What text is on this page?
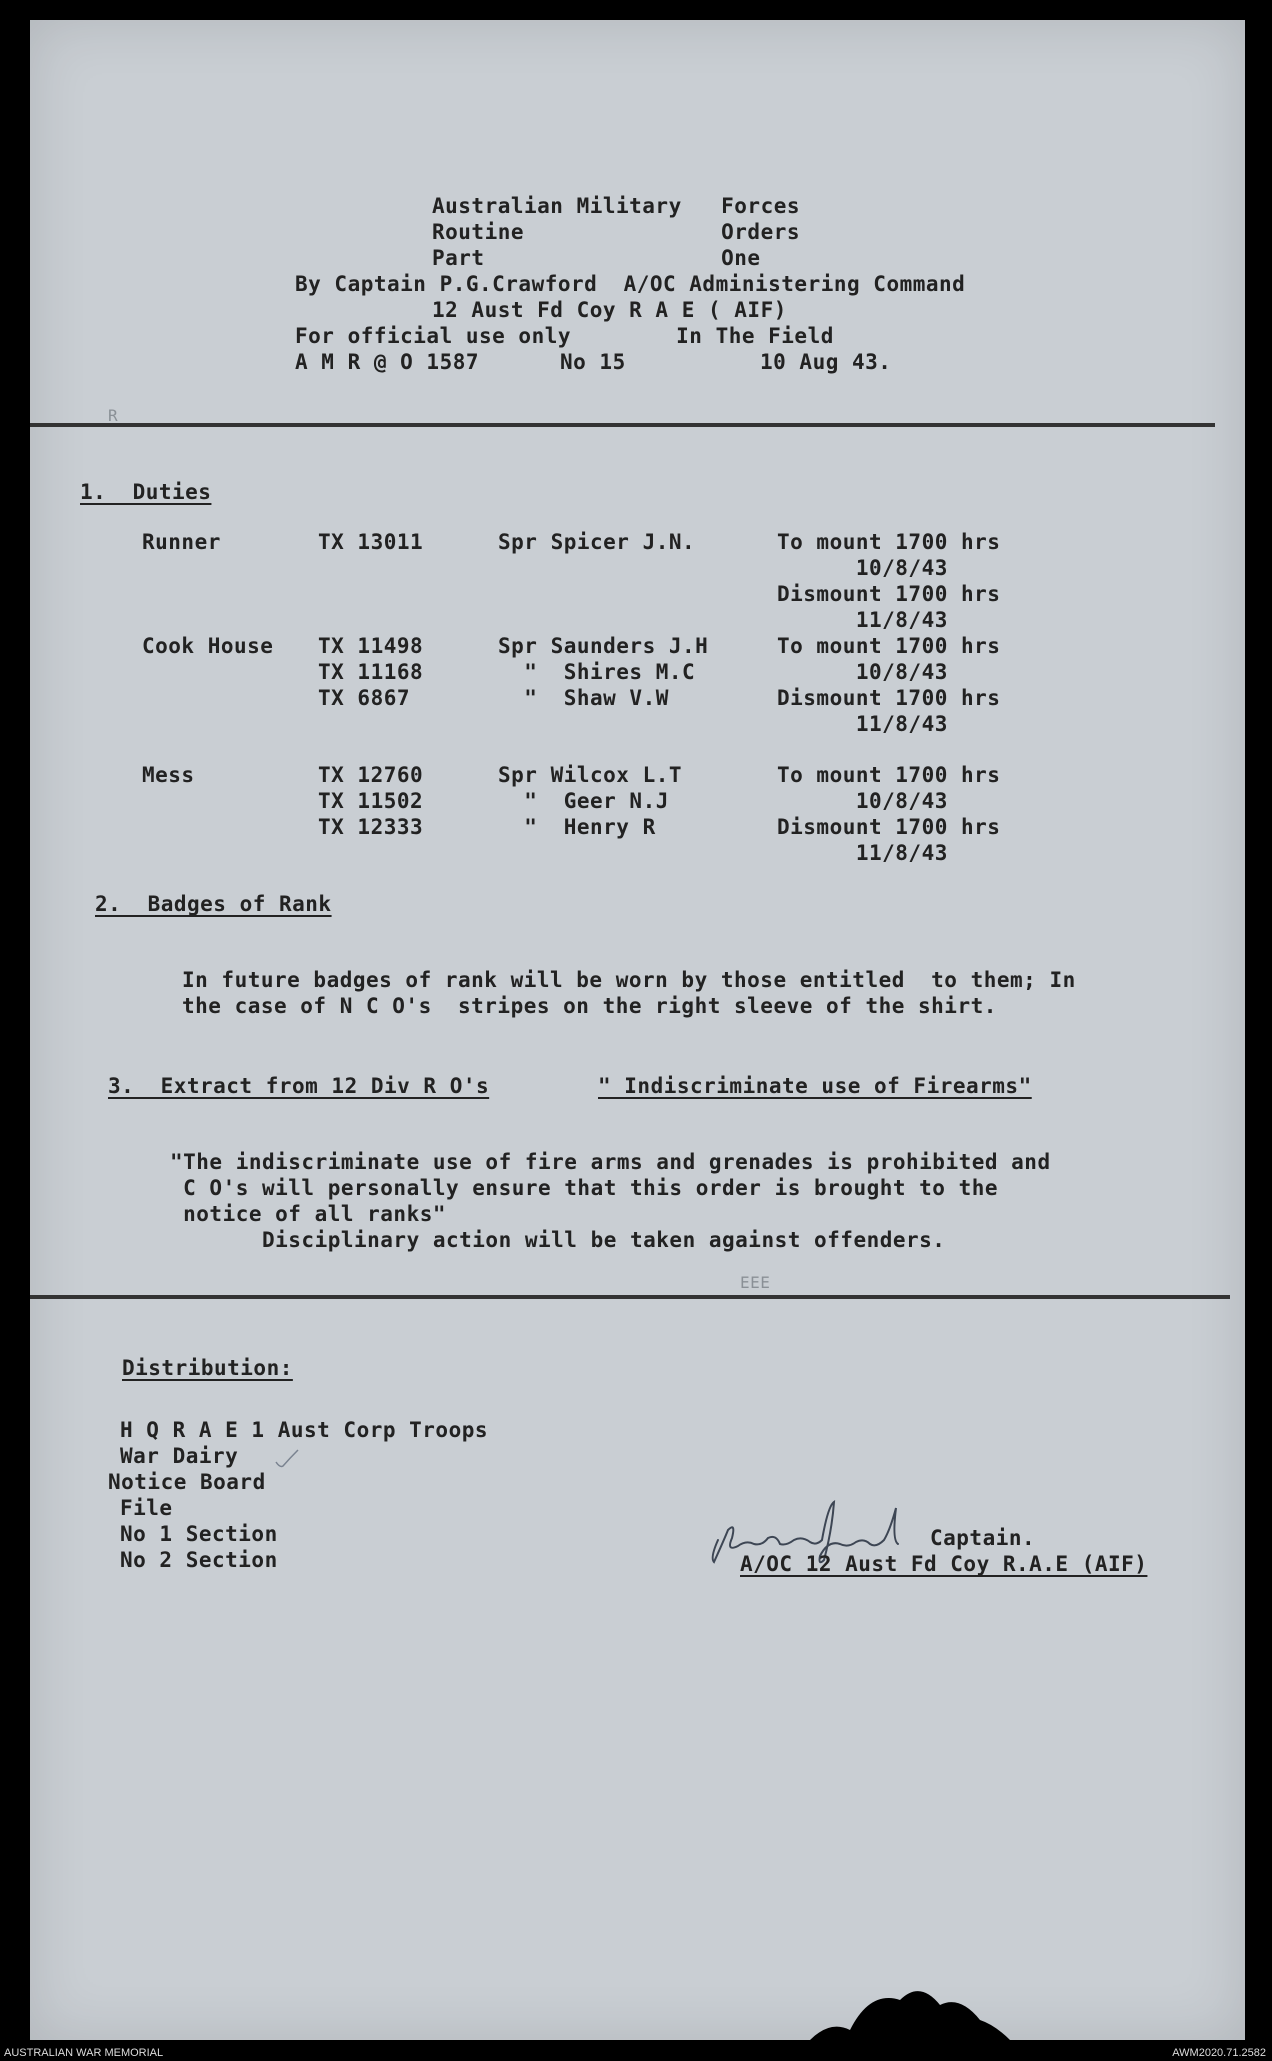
Australian Military   Forces
Routine               Orders
Part                  One
By Captain P.G.Crawford  A/OC Administering Command
12 Aust Fd Coy R A E ( AIF)
For official use only        In The Field
A M R @ O 1587	No 15	10 Aug 43.
R
1.  Duties
Runner	TX 13011	Spr Spicer J.N.	To mount 1700 hrs
10/8/43
Dismount 1700 hrs
11/8/43
Cook House TX 11498	Spr Saunders J.H	To mount 1700 hrs
TX 11168	"  Shires M.C	10/8/43
TX 6867	"  Shaw V.W	Dismount 1700 hrs
11/8/43
Mess	TX 12760	Spr Wilcox L.T	To mount 1700 hrs
TX 11502	"  Geer N.J	10/8/43
TX 12333	"  Henry R	Dismount 1700 hrs
11/8/43
2.  Badges of Rank
In future badges of rank will be worn by those entitled  to them; In
the case of N C O's  stripes on the right sleeve of the shirt.
3.  Extract from 12 Div R O's	" Indiscriminate use of Firearms"
"The indiscriminate use of fire arms and grenades is prohibited and
C O's will personally ensure that this order is brought to the
notice of all ranks"
Disciplinary action will be taken against offenders.
EEE
Distribution:
H Q R A E 1 Aust Corp Troops
War Dairy
Notice Board
File
No 1 Section
No 2 Section
Captain.
A/OC 12 Aust Fd Coy R.A.E (AIF)
AUSTRALIAN WAR MEMORIAL	AWM2020.71.2582
